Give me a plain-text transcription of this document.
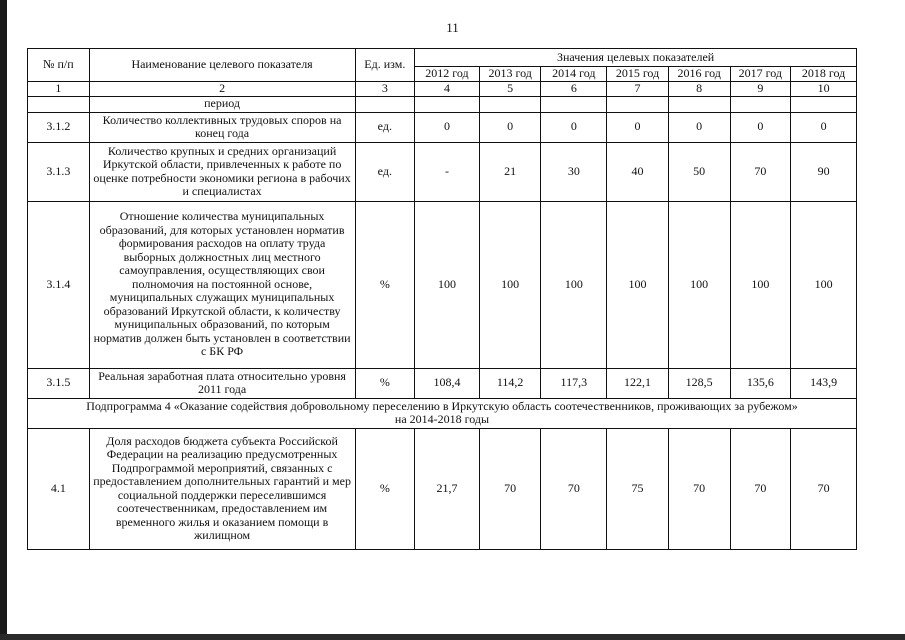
11
№ п/п	Наименование целевого показателя	Ед. изм.	Значения целевых показателей						
			2012 год	2013 год	2014 год	2015 год	2016 год	2017 год	2018 год
1	2	3	4	5	6	7	8	9	10
	период								
3.1.2	Количество коллективных трудовых споров на конец года	ед.	0	0	0	0	0	0	0
3.1.3	Количество крупных и средних организаций Иркутской области, привлеченных к работе по оценке потребности экономики региона в рабочих и специалистах	ед.	-	21	30	40	50	70	90
3.1.4	Отношение количества муниципальных образований, для которых установлен норматив формирования расходов на оплату труда выборных должностных лиц местного самоуправления, осуществляющих свои полномочия на постоянной основе, муниципальных служащих муниципальных образований Иркутской области, к количеству муниципальных образований, по которым норматив должен быть установлен в соответствии с БК РФ	%	100	100	100	100	100	100	100
3.1.5	Реальная заработная плата относительно уровня 2011 года	%	108,4	114,2	117,3	122,1	128,5	135,6	143,9

Подпрограмма 4 «Оказание содействия добровольному переселению в Иркутскую область соотечественников, проживающих за рубежом»
на 2014-2018 годы									

4.1	Доля расходов бюджета субъекта Российской Федерации на реализацию предусмотренных Подпрограммой мероприятий, связанных с предоставлением дополнительных гарантий и мер социальной поддержки переселившимся соотечественникам, предоставлением им временного жилья и оказанием помощи в жилищном	%	21,7	70	70	75	70	70	70
